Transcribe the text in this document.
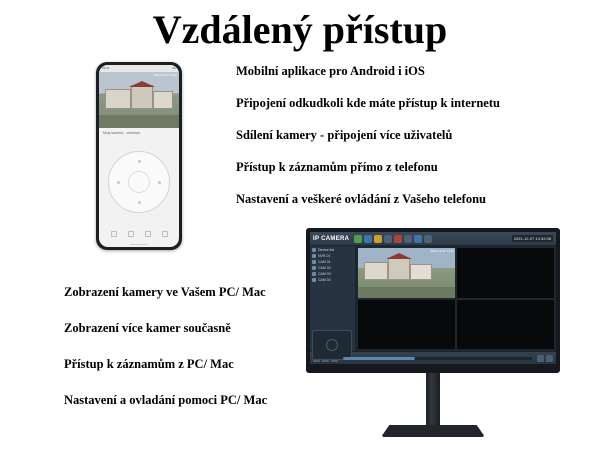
Vzdálený přístup
09:41	4G
2021-12-07 14:32
Moje kamera - venkovní
Mobilní aplikace pro Android i iOS
Připojení odkudkoli kde máte přístup k internetu
Sdílení kamery - připojení více uživatelů
Přístup k záznamům přímo z telefonu
Nastavení a veškeré ovládání z Vašeho telefonu
Zobrazení kamery ve Vašem PC/ Mac
Zobrazení více kamer současně
Přístup k záznamům z PC/ Mac
Nastavení a ovladání pomoci PC/ Mac
IP CAMERA	2021-12-07 14:32:08
Device list
NVR-01
CAM 01
CAM 02
CAM 03
CAM 04
2021-12-07 14:32
